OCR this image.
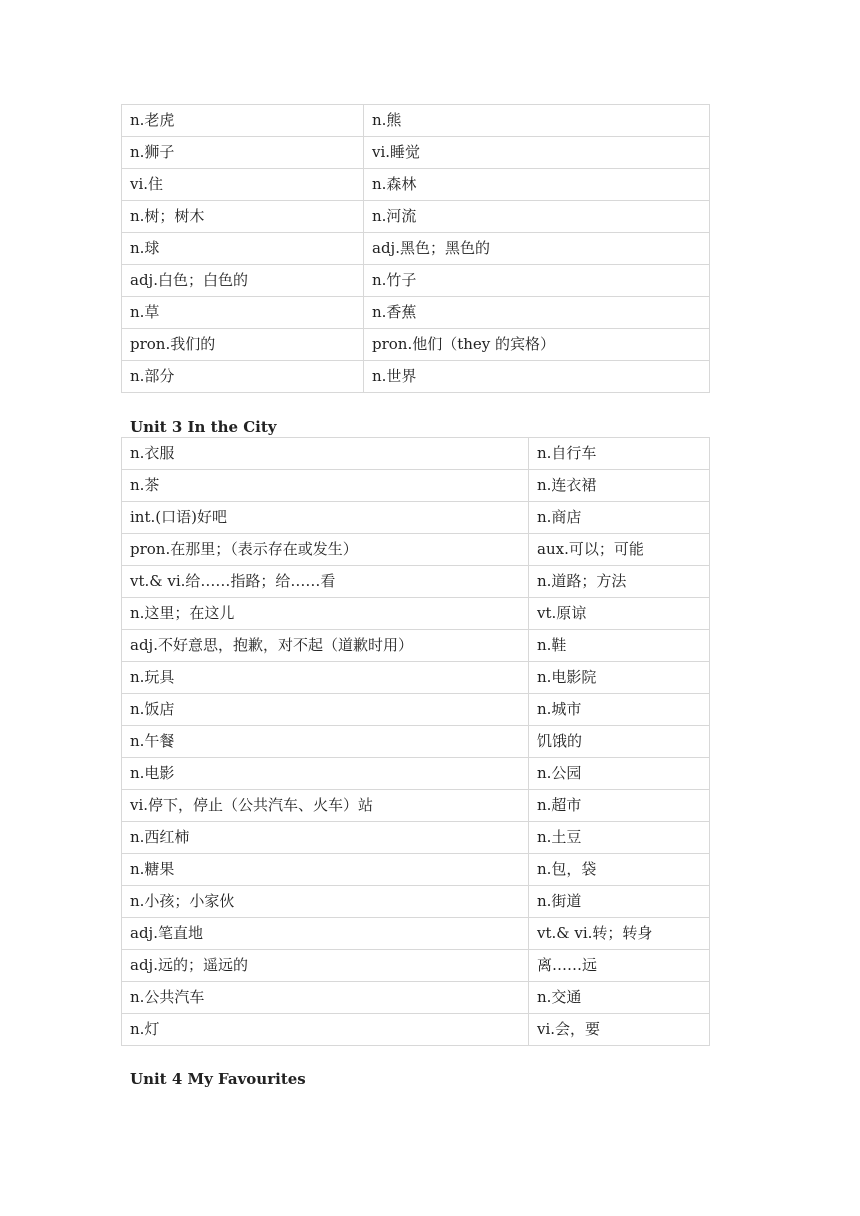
n.老虎	n.熊
n.狮子	vi.睡觉
vi.住	n.森林
n.树；树木	n.河流
n.球	adj.黑色；黑色的
adj.白色；白色的	n.竹子
n.草	n.香蕉
pron.我们的	pron.他们（they 的宾格）
n.部分	n.世界
Unit 3 In the City
n.衣服	n.自行车
n.茶	n.连衣裙
int.(口语)好吧	n.商店
pron.在那里；（表示存在或发生）	aux.可以；可能
vt.& vi.给……指路；给……看	n.道路；方法
n.这里；在这儿	vt.原谅
adj.不好意思，抱歉，对不起（道歉时用）	n.鞋
n.玩具	n.电影院
n.饭店	n.城市
n.午餐	饥饿的
n.电影	n.公园
vi.停下，停止（公共汽车、火车）站	n.超市
n.西红柿	n.土豆
n.糖果	n.包，袋
n.小孩；小家伙	n.街道
adj.笔直地	vt.& vi.转；转身
adj.远的；遥远的	离……远
n.公共汽车	n.交通
n.灯	vi.会，要
Unit 4 My Favourites
